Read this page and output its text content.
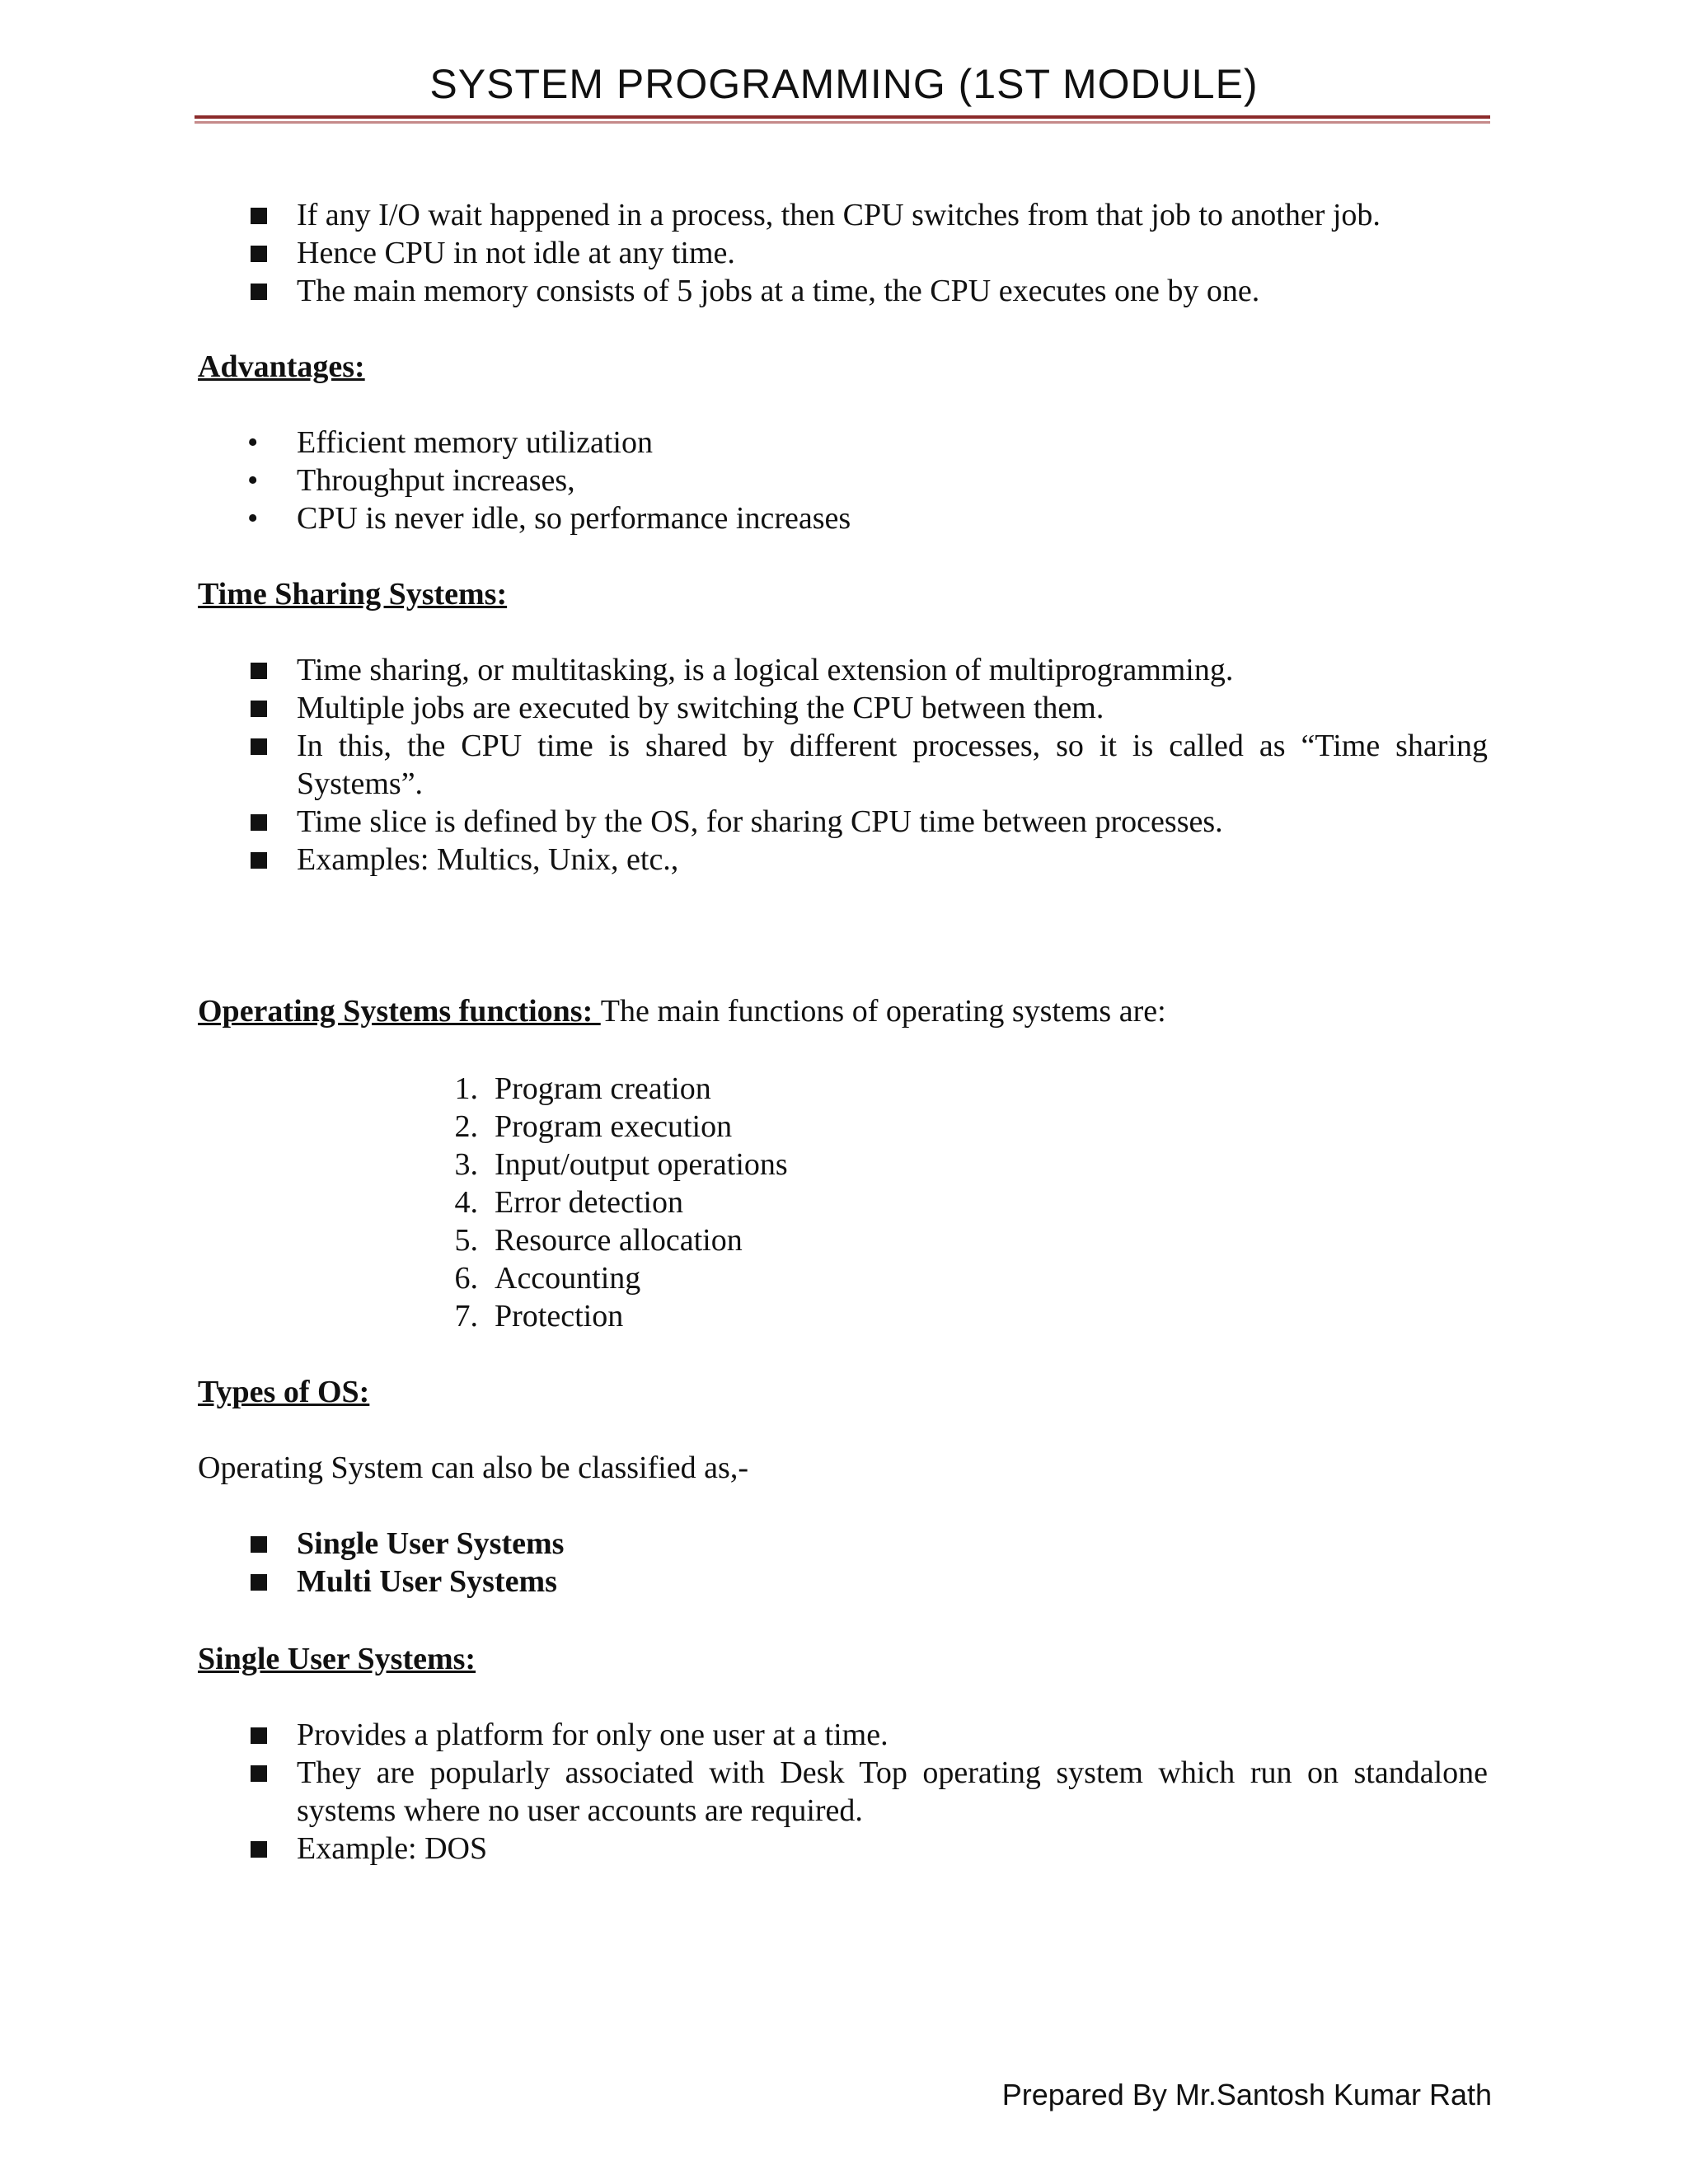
SYSTEM PROGRAMMING (1ST MODULE)
If any I/O wait happened in a process, then CPU switches from that job to another job.
Hence CPU in not idle at any time.
The main memory consists of 5 jobs at a time, the CPU executes one by one.
Advantages:
• Efficient memory utilization
• Throughput increases,
• CPU is never idle, so performance increases
Time Sharing Systems:
Time sharing, or multitasking, is a logical extension of multiprogramming.
Multiple jobs are executed by switching the CPU between them.
In this, the CPU time is shared by different processes, so it is called as “Time sharing Systems”.
Time slice is defined by the OS, for sharing CPU time between processes.
Examples: Multics, Unix, etc.,
Operating Systems functions: The main functions of operating systems are:
1. Program creation
2. Program execution
3. Input/output operations
4. Error detection
5. Resource allocation
6. Accounting
7. Protection
Types of OS:
Operating System can also be classified as,-
Single User Systems
Multi User Systems
Single User Systems:
Provides a platform for only one user at a time.
They are popularly associated with Desk Top operating system which run on standalone systems where no user accounts are required.
Example: DOS
Prepared By Mr.Santosh Kumar Rath
